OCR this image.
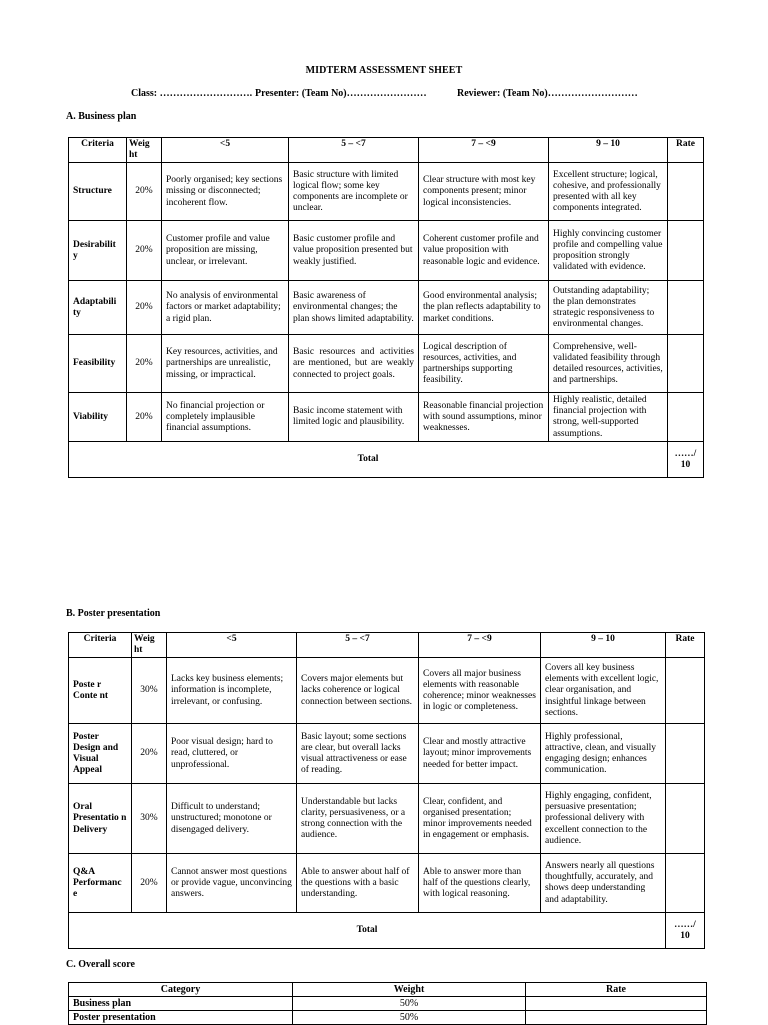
MIDTERM ASSESSMENT SHEET
Class: ………………………. Presenter: (Team No)……………………	Reviewer: (Team No)………………………
A. Business plan
Criteria	Weig ht	<5	5 – <7	7 – <9	9 – 10	Rate
Structure	20%	Poorly organised; key sections missing or disconnected; incoherent flow.	Basic structure with limited logical flow; some key components are incomplete or unclear.	Clear structure with most key components present; minor logical inconsistencies.	Excellent structure; logical, cohesive, and professionally presented with all key components integrated.	
Desirabilit y	20%	Customer profile and value proposition are missing, unclear, or irrelevant.	Basic customer profile and value proposition presented but weakly justified.	Coherent customer profile and value proposition with reasonable logic and evidence.	Highly convincing customer profile and compelling value proposition strongly validated with evidence.	
Adaptabili ty	20%	No analysis of environmental factors or market adaptability; a rigid plan.	Basic awareness of environmental changes; the plan shows limited adaptability.	Good environmental analysis; the plan reflects adaptability to market conditions.	Outstanding adaptability; the plan demonstrates strategic responsiveness to environmental changes.	
Feasibility	20%	Key resources, activities, and partnerships are unrealistic, missing, or impractical.	Basic resources and activities are mentioned, but are weakly connected to project goals.	Logical description of resources, activities, and partnerships supporting feasibility.	Comprehensive, well-validated feasibility through detailed resources, activities, and partnerships.	
Viability	20%	No financial projection or completely implausible financial assumptions.	Basic income statement with limited logic and plausibility.	Reasonable financial projection with sound assumptions, minor weaknesses.	Highly realistic, detailed financial projection with strong, well-supported assumptions.	
Total						……/ 10
B. Poster presentation
Criteria	Weig ht	<5	5 – <7	7 – <9	9 – 10	Rate
Poste r Conte nt	30%	Lacks key business elements; information is incomplete, irrelevant, or confusing.	Covers major elements but lacks coherence or logical connection between sections.	Covers all major business elements with reasonable coherence; minor weaknesses in logic or completeness.	Covers all key business elements with excellent logic, clear organisation, and insightful linkage between sections.	
Poster Design and Visual Appeal	20%	Poor visual design; hard to read, cluttered, or unprofessional.	Basic layout; some sections are clear, but overall lacks visual attractiveness or ease of reading.	Clear and mostly attractive layout; minor improvements needed for better impact.	Highly professional, attractive, clean, and visually engaging design; enhances communication.	
Oral Presentatio n Delivery	30%	Difficult to understand; unstructured; monotone or disengaged delivery.	Understandable but lacks clarity, persuasiveness, or a strong connection with the audience.	Clear, confident, and organised presentation; minor improvements needed in engagement or emphasis.	Highly engaging, confident, persuasive presentation; professional delivery with excellent connection to the audience.	
Q&A Performanc e	20%	Cannot answer most questions or provide vague, unconvincing answers.	Able to answer about half of the questions with a basic understanding.	Able to answer more than half of the questions clearly, with logical reasoning.	Answers nearly all questions thoughtfully, accurately, and shows deep understanding and adaptability.	
Total						……/ 10
C. Overall score
Category	Weight	Rate
Business plan	50%	
Poster presentation	50%	
